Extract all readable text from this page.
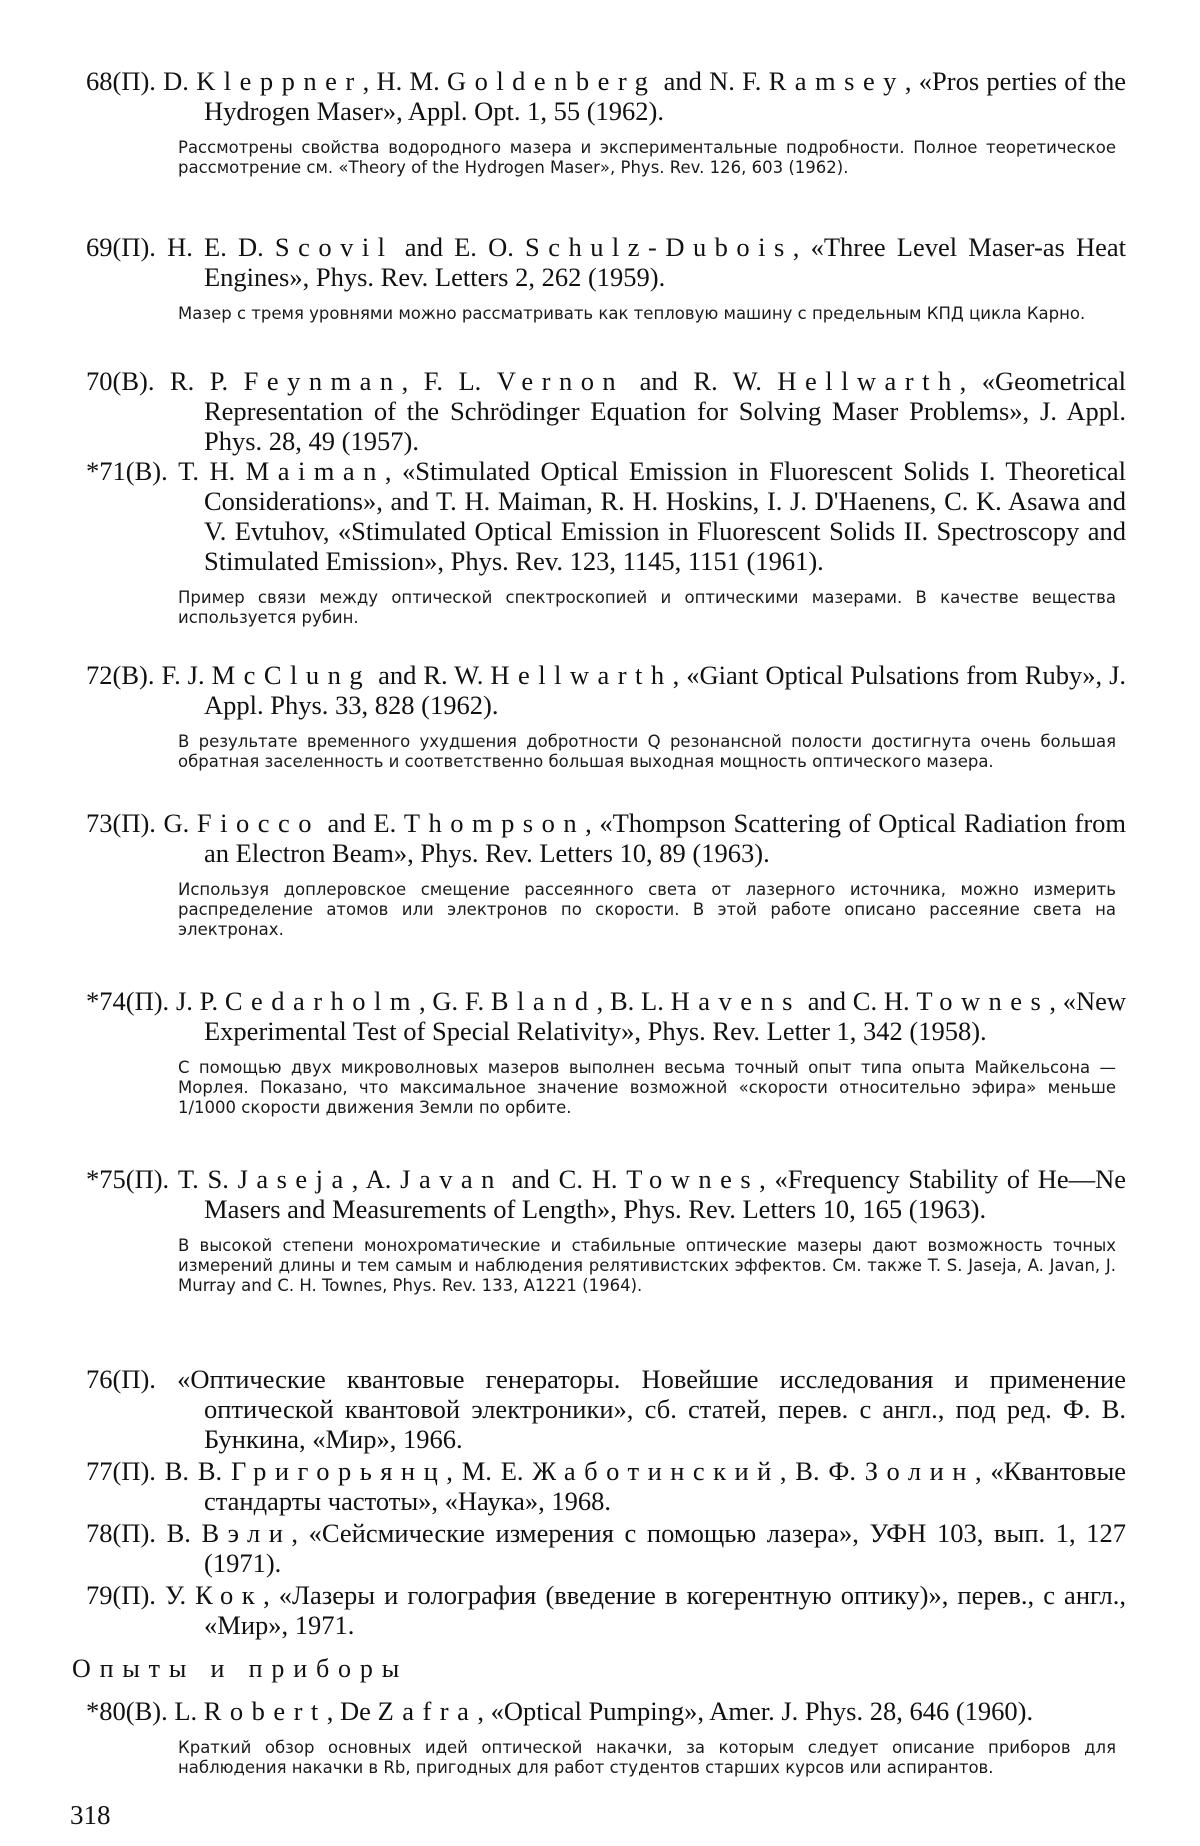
68(П). D. Kleppner, H. M. Goldenberg and N. F. Ramsey, «Pros perties of the Hydrogen Maser», Appl. Opt. 1, 55 (1962).
Рассмотрены свойства водородного мазера и экспериментальные подробности. Полное теоретическое рассмотрение см. «Theory of the Hydrogen Maser», Phys. Rev. 126, 603 (1962).
69(П). H. E. D. Scovil and E. O. Schulz-Dubois, «Three Level Maser-as Heat Engines», Phys. Rev. Letters 2, 262 (1959).
Мазер с тремя уровнями можно рассматривать как тепловую машину с предельным КПД цикла Карно.
70(В). R. P. Feynman, F. L. Vernon and R. W. Hellwarth, «Geometrical Representation of the Schrödinger Equation for Solving Maser Problems», J. Appl. Phys. 28, 49 (1957).
*71(В). T. H. Maiman, «Stimulated Optical Emission in Fluorescent Solids I. Theoretical Considerations», and T. H. Maiman, R. H. Hoskins, I. J. D'Haenens, C. K. Asawa and V. Evtuhov, «Stimulated Optical Emission in Fluorescent Solids II. Spectroscopy and Stimulated Emission», Phys. Rev. 123, 1145, 1151 (1961).
Пример связи между оптической спектроскопией и оптическими мазерами. В качестве вещества используется рубин.
72(В). F. J. McClung and R. W. Hellwarth, «Giant Optical Pulsations from Ruby», J. Appl. Phys. 33, 828 (1962).
В результате временного ухудшения добротности Q резонансной полости достигнута очень большая обратная заселенность и соответственно большая выходная мощность оптического мазера.
73(П). G. Fiocco and E. Thompson, «Thompson Scattering of Optical Radiation from an Electron Beam», Phys. Rev. Letters 10, 89 (1963).
Используя доплеровское смещение рассеянного света от лазерного источника, можно измерить распределение атомов или электронов по скорости. В этой работе описано рассеяние света на электронах.
*74(П). J. P. Cedarholm, G. F. Bland, B. L. Havens and C. H. Townes, «New Experimental Test of Special Relativity», Phys. Rev. Letter 1, 342 (1958).
С помощью двух микроволновых мазеров выполнен весьма точный опыт типа опыта Майкельсона — Морлея. Показано, что максимальное значение возможной «скорости относительно эфира» меньше 1/1000 скорости движения Земли по орбите.
*75(П). T. S. Jaseja, A. Javan and C. H. Townes, «Frequency Stability of He—Ne Masers and Measurements of Length», Phys. Rev. Letters 10, 165 (1963).
В высокой степени монохроматические и стабильные оптические мазеры дают возможность точных измерений длины и тем самым и наблюдения релятивистских эффектов. См. также T. S. Jaseja, A. Javan, J. Murray and C. H. Townes, Phys. Rev. 133, A1221 (1964).
76(П). «Оптические квантовые генераторы. Новейшие исследования и применение оптической квантовой электроники», сб. статей, перев. с англ., под ред. Ф. В. Бункина, «Мир», 1966.
77(П). В. В. Григорьянц, М. Е. Жаботинский, В. Ф. Золин, «Квантовые стандарты частоты», «Наука», 1968.
78(П). В. Вэли, «Сейсмические измерения с помощью лазера», УФН 103, вып. 1, 127 (1971).
79(П). У. Кок, «Лазеры и голография (введение в когерентную оптику)», перев., с англ., «Мир», 1971.
Опыты и приборы
*80(В). L. Robert, De Zafra, «Optical Pumping», Amer. J. Phys. 28, 646 (1960).
Краткий обзор основных идей оптической накачки, за которым следует описание приборов для наблюдения накачки в Rb, пригодных для работ студентов старших курсов или аспирантов.
318
